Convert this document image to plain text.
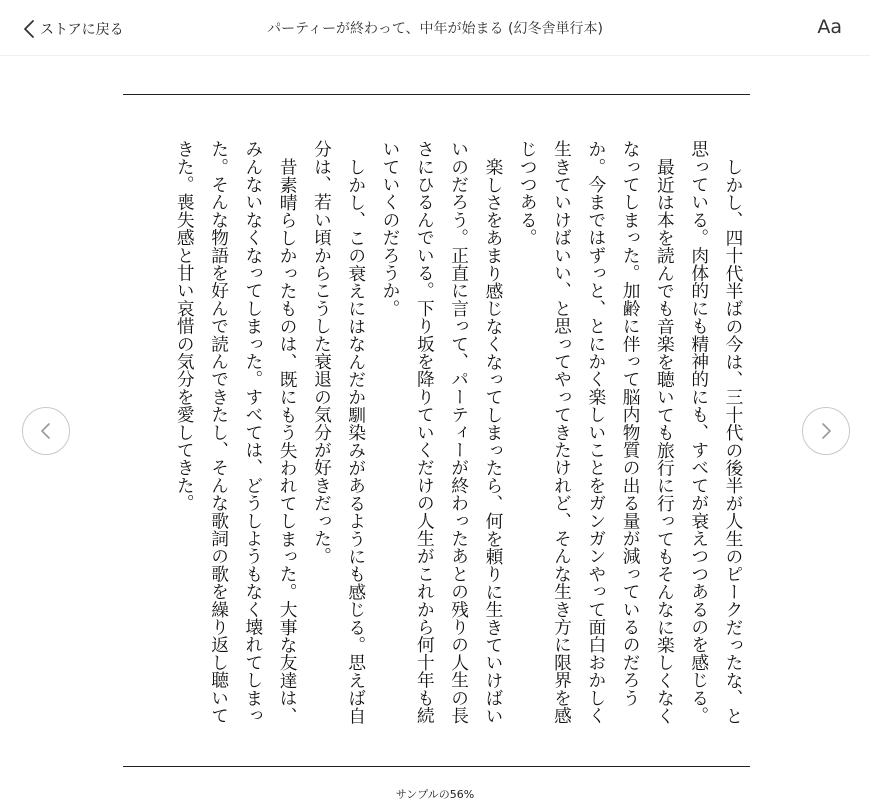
ストアに戻る	パーティーが終わって、中年が始まる (幻冬舎単行本)	Aa

しかし、四十代半ばの今は、三十代の後半が人生のピークだったな、と思っている。肉体的にも精神的にも、すべてが衰えつつあるのを感じる。

最近は本を読んでも音楽を聴いても旅行に行ってもそんなに楽しくなくなってしまった。加齢に伴って脳内物質の出る量が減っているのだろうか。今まではずっと、とにかく楽しいことをガンガンやって面白おかしく生きていけばいい、と思ってやってきたけれど、そんな生き方に限界を感じつつある。

楽しさをあまり感じなくなってしまったら、何を頼りに生きていけばいいのだろう。正直に言って、パーティーが終わったあとの残りの人生の長さにひるんでいる。下り坂を降りていくだけの人生がこれから何十年も続いていくのだろうか。

しかし、この衰えにはなんだか馴染みがあるようにも感じる。思えば自分は、若い頃からこうした衰退の気分が好きだった。

昔素晴らしかったものは、既にもう失われてしまった。大事な友達は、みんないなくなってしまった。すべては、どうしようもなく壊れてしまった。そんな物語を好んで読んできたし、そんな歌詞の歌を繰り返し聴いてきた。喪失感と甘い哀惜の気分を愛してきた。

サンプルの56%
